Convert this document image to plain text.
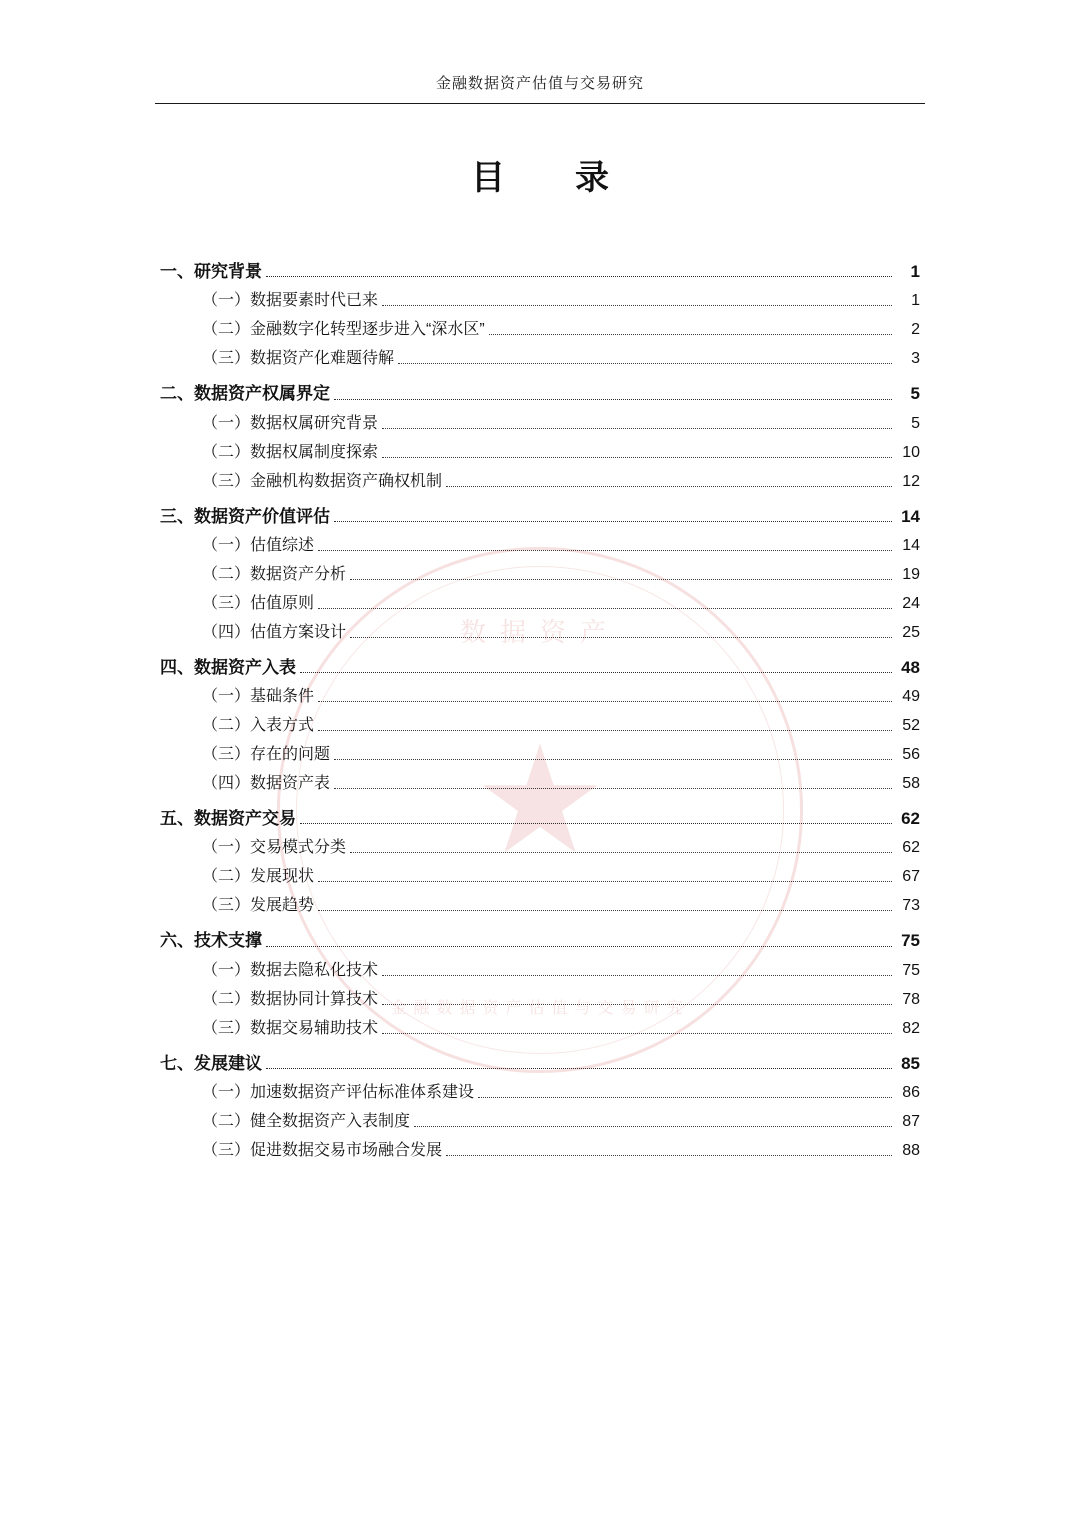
数据资产
★
金融数据资产估值与交易研究
金融数据资产估值与交易研究
目　录
一、研究背景	1
（一）数据要素时代已来	1
（二）金融数字化转型逐步进入“深水区”	2
（三）数据资产化难题待解	3
二、数据资产权属界定	5
（一）数据权属研究背景	5
（二）数据权属制度探索	10
（三）金融机构数据资产确权机制	12
三、数据资产价值评估	14
（一）估值综述	14
（二）数据资产分析	19
（三）估值原则	24
（四）估值方案设计	25
四、数据资产入表	48
（一）基础条件	49
（二）入表方式	52
（三）存在的问题	56
（四）数据资产表	58
五、数据资产交易	62
（一）交易模式分类	62
（二）发展现状	67
（三）发展趋势	73
六、技术支撑	75
（一）数据去隐私化技术	75
（二）数据协同计算技术	78
（三）数据交易辅助技术	82
七、发展建议	85
（一）加速数据资产评估标准体系建设	86
（二）健全数据资产入表制度	87
（三）促进数据交易市场融合发展	88
